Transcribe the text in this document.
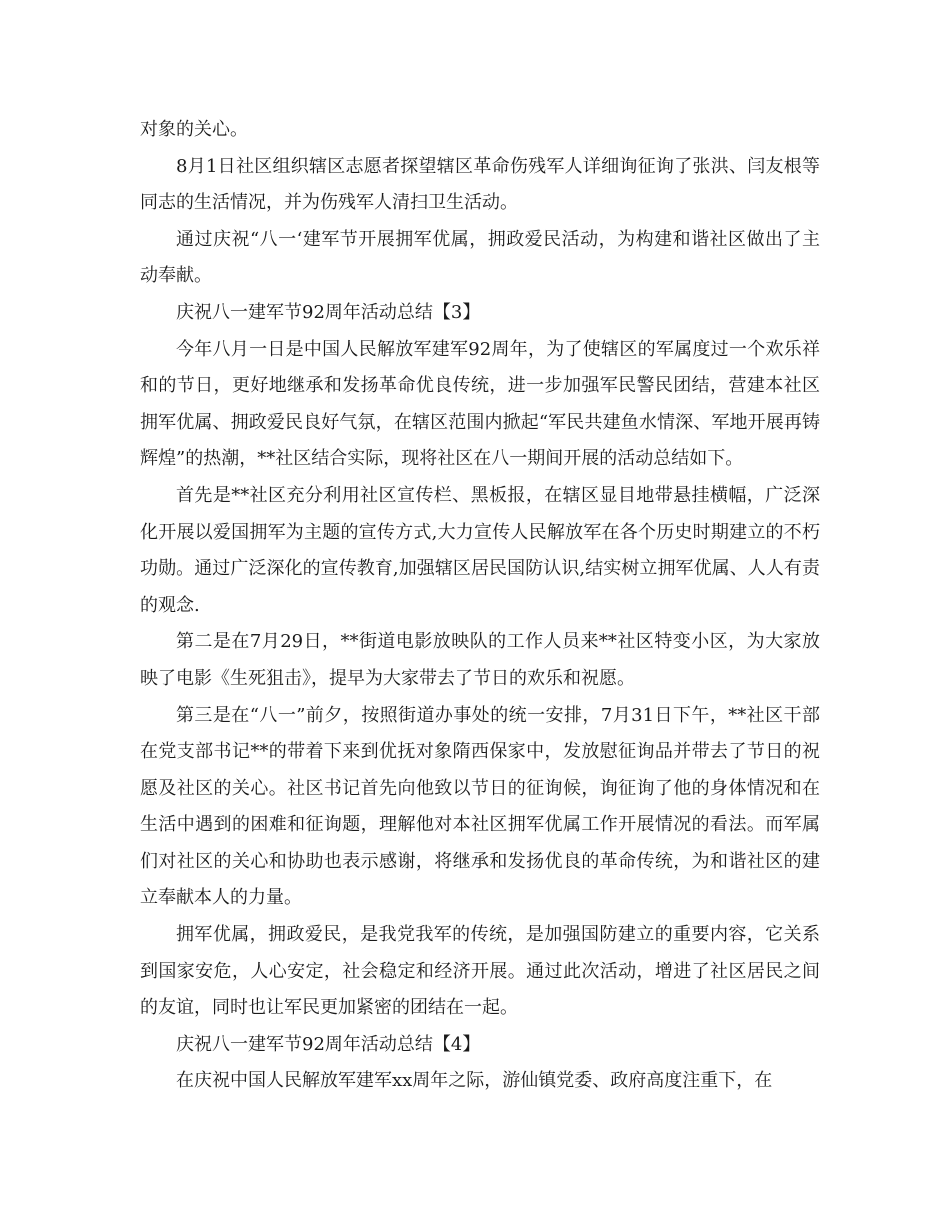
对象的关心。

8月1日社区组织辖区志愿者探望辖区革命伤残军人详细询征询了张洪、闫友根等同志的生活情况，并为伤残军人清扫卫生活动。

通过庆祝“八一‘建军节开展拥军优属，拥政爱民活动，为构建和谐社区做出了主动奉献。

庆祝八一建军节92周年活动总结【3】

今年八月一日是中国人民解放军建军92周年，为了使辖区的军属度过一个欢乐祥和的节日，更好地继承和发扬革命优良传统，进一步加强军民警民团结，营建本社区拥军优属、拥政爱民良好气氛，在辖区范围内掀起“军民共建鱼水情深、军地开展再铸辉煌”的热潮，**社区结合实际，现将社区在八一期间开展的活动总结如下。

首先是**社区充分利用社区宣传栏、黑板报，在辖区显目地带悬挂横幅，广泛深化开展以爱国拥军为主题的宣传方式,大力宣传人民解放军在各个历史时期建立的不朽功勋。通过广泛深化的宣传教育,加强辖区居民国防认识,结实树立拥军优属、人人有责的观念.

第二是在7月29日，**街道电影放映队的工作人员来**社区特变小区，为大家放映了电影《生死狙击》，提早为大家带去了节日的欢乐和祝愿。

第三是在“八一”前夕，按照街道办事处的统一安排，7月31日下午，**社区干部在党支部书记**的带着下来到优抚对象隋西保家中，发放慰征询品并带去了节日的祝愿及社区的关心。社区书记首先向他致以节日的征询候，询征询了他的身体情况和在生活中遇到的困难和征询题，理解他对本社区拥军优属工作开展情况的看法。而军属们对社区的关心和协助也表示感谢，将继承和发扬优良的革命传统，为和谐社区的建立奉献本人的力量。

拥军优属，拥政爱民，是我党我军的传统，是加强国防建立的重要内容，它关系到国家安危，人心安定，社会稳定和经济开展。通过此次活动，增进了社区居民之间的友谊，同时也让军民更加紧密的团结在一起。

庆祝八一建军节92周年活动总结【4】

在庆祝中国人民解放军建军xx周年之际，游仙镇党委、政府高度注重下，在
